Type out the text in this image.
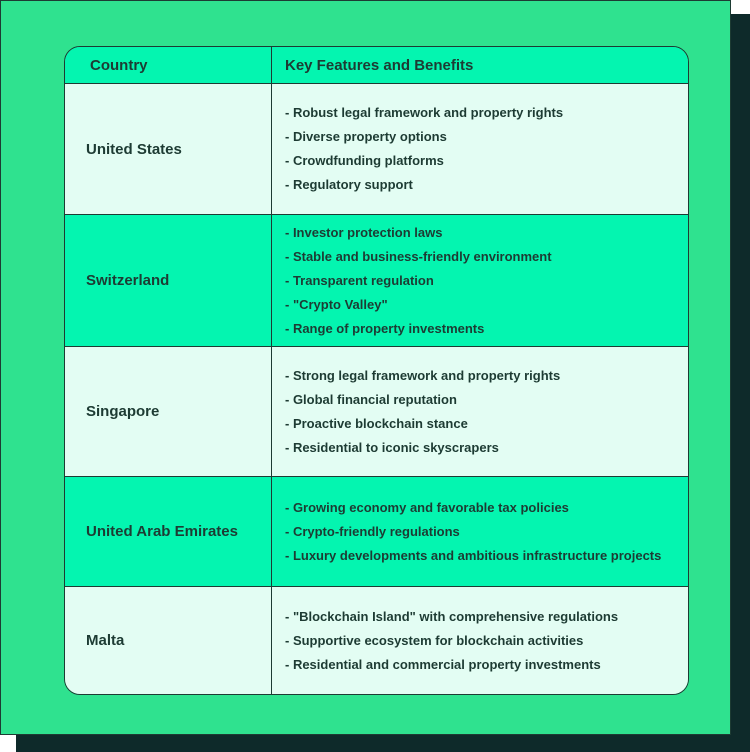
Country	Key Features and Benefits
United States
- Robust legal framework and property rights
- Diverse property options
- Crowdfunding platforms
- Regulatory support
Switzerland
- Investor protection laws
- Stable and business-friendly environment
- Transparent regulation
- "Crypto Valley"
- Range of property investments
Singapore
- Strong legal framework and property rights
- Global financial reputation
- Proactive blockchain stance
- Residential to iconic skyscrapers
United Arab Emirates
- Growing economy and favorable tax policies
- Crypto-friendly regulations
- Luxury developments and ambitious infrastructure projects
Malta
- "Blockchain Island" with comprehensive regulations
- Supportive ecosystem for blockchain activities
- Residential and commercial property investments
